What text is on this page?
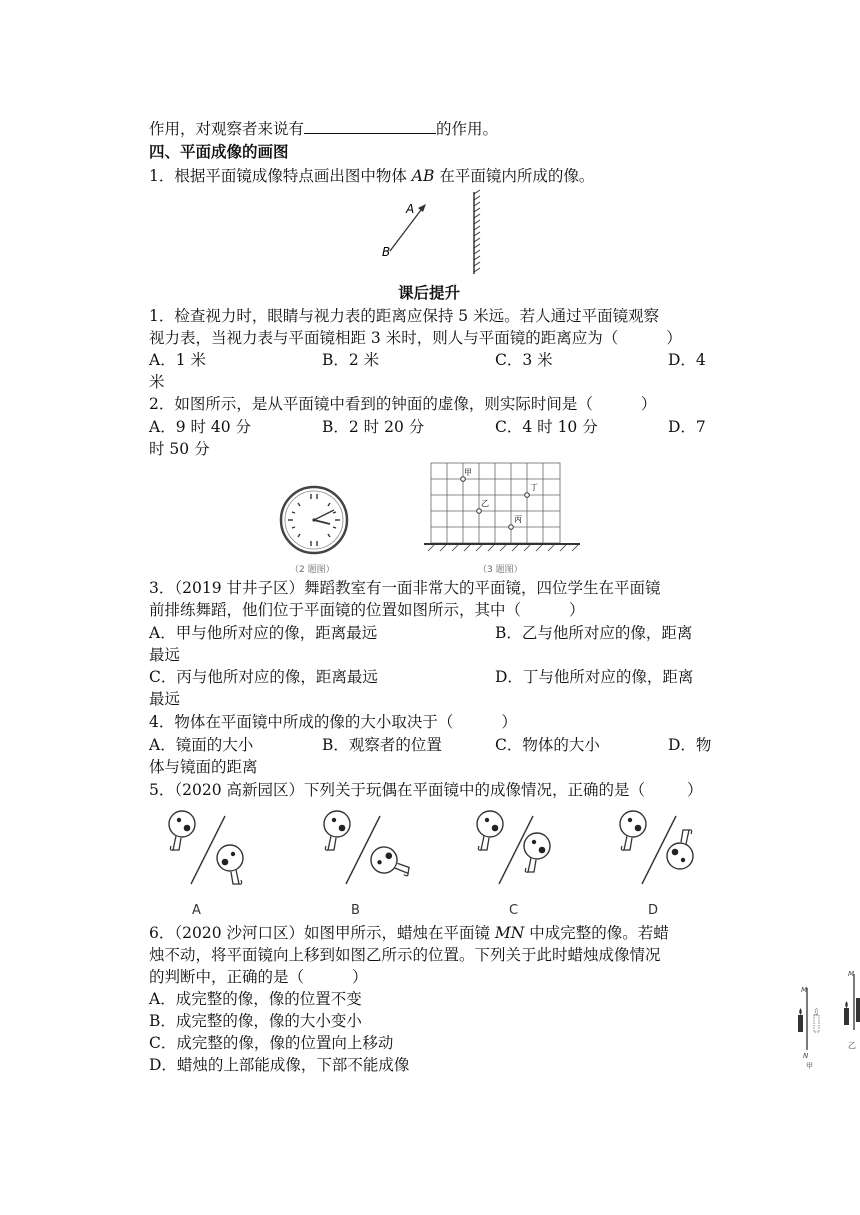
作用，对观察者来说有	的作用。
四、平面成像的画图
1．根据平面镜成像特点画出图中物体 AB 在平面镜内所成的像。
A
B
课后提升
1．检查视力时，眼睛与视力表的距离应保持 5 米远。若人通过平面镜观察
视力表，当视力表与平面镜相距 3 米时，则人与平面镜的距离应为（	）
A．1 米	B．2 米	C．3 米	D．4
米
2．如图所示，是从平面镜中看到的钟面的虚像，则实际时间是（	）
A．9 时 40 分	B．2 时 20 分	C．4 时 10 分	D．7
时 50 分
（2 题图）
甲
乙
丙
丁
（3 题图）
3．（2019 甘井子区）舞蹈教室有一面非常大的平面镜，四位学生在平面镜
前排练舞蹈，他们位于平面镜的位置如图所示，其中（	）
A．甲与他所对应的像，距离最远	B．乙与他所对应的像，距离
最远
C．丙与他所对应的像，距离最远	D．丁与他所对应的像，距离
最远
4．物体在平面镜中所成的像的大小取决于（	）
A．镜面的大小	B．观察者的位置	C．物体的大小	D．物
体与镜面的距离
5．（2020 高新园区）下列关于玩偶在平面镜中的成像情况，正确的是（	）
A	B	C	D
6．（2020 沙河口区）如图甲所示，蜡烛在平面镜 MN 中成完整的像。若蜡
烛不动，将平面镜向上移到如图乙所示的位置。下列关于此时蜡烛成像情况
的判断中，正确的是（	）
A．成完整的像，像的位置不变
B．成完整的像，像的大小变小
C．成完整的像，像的位置向上移动
D．蜡烛的上部能成像，下部不能成像
M
N
甲
M
乙
